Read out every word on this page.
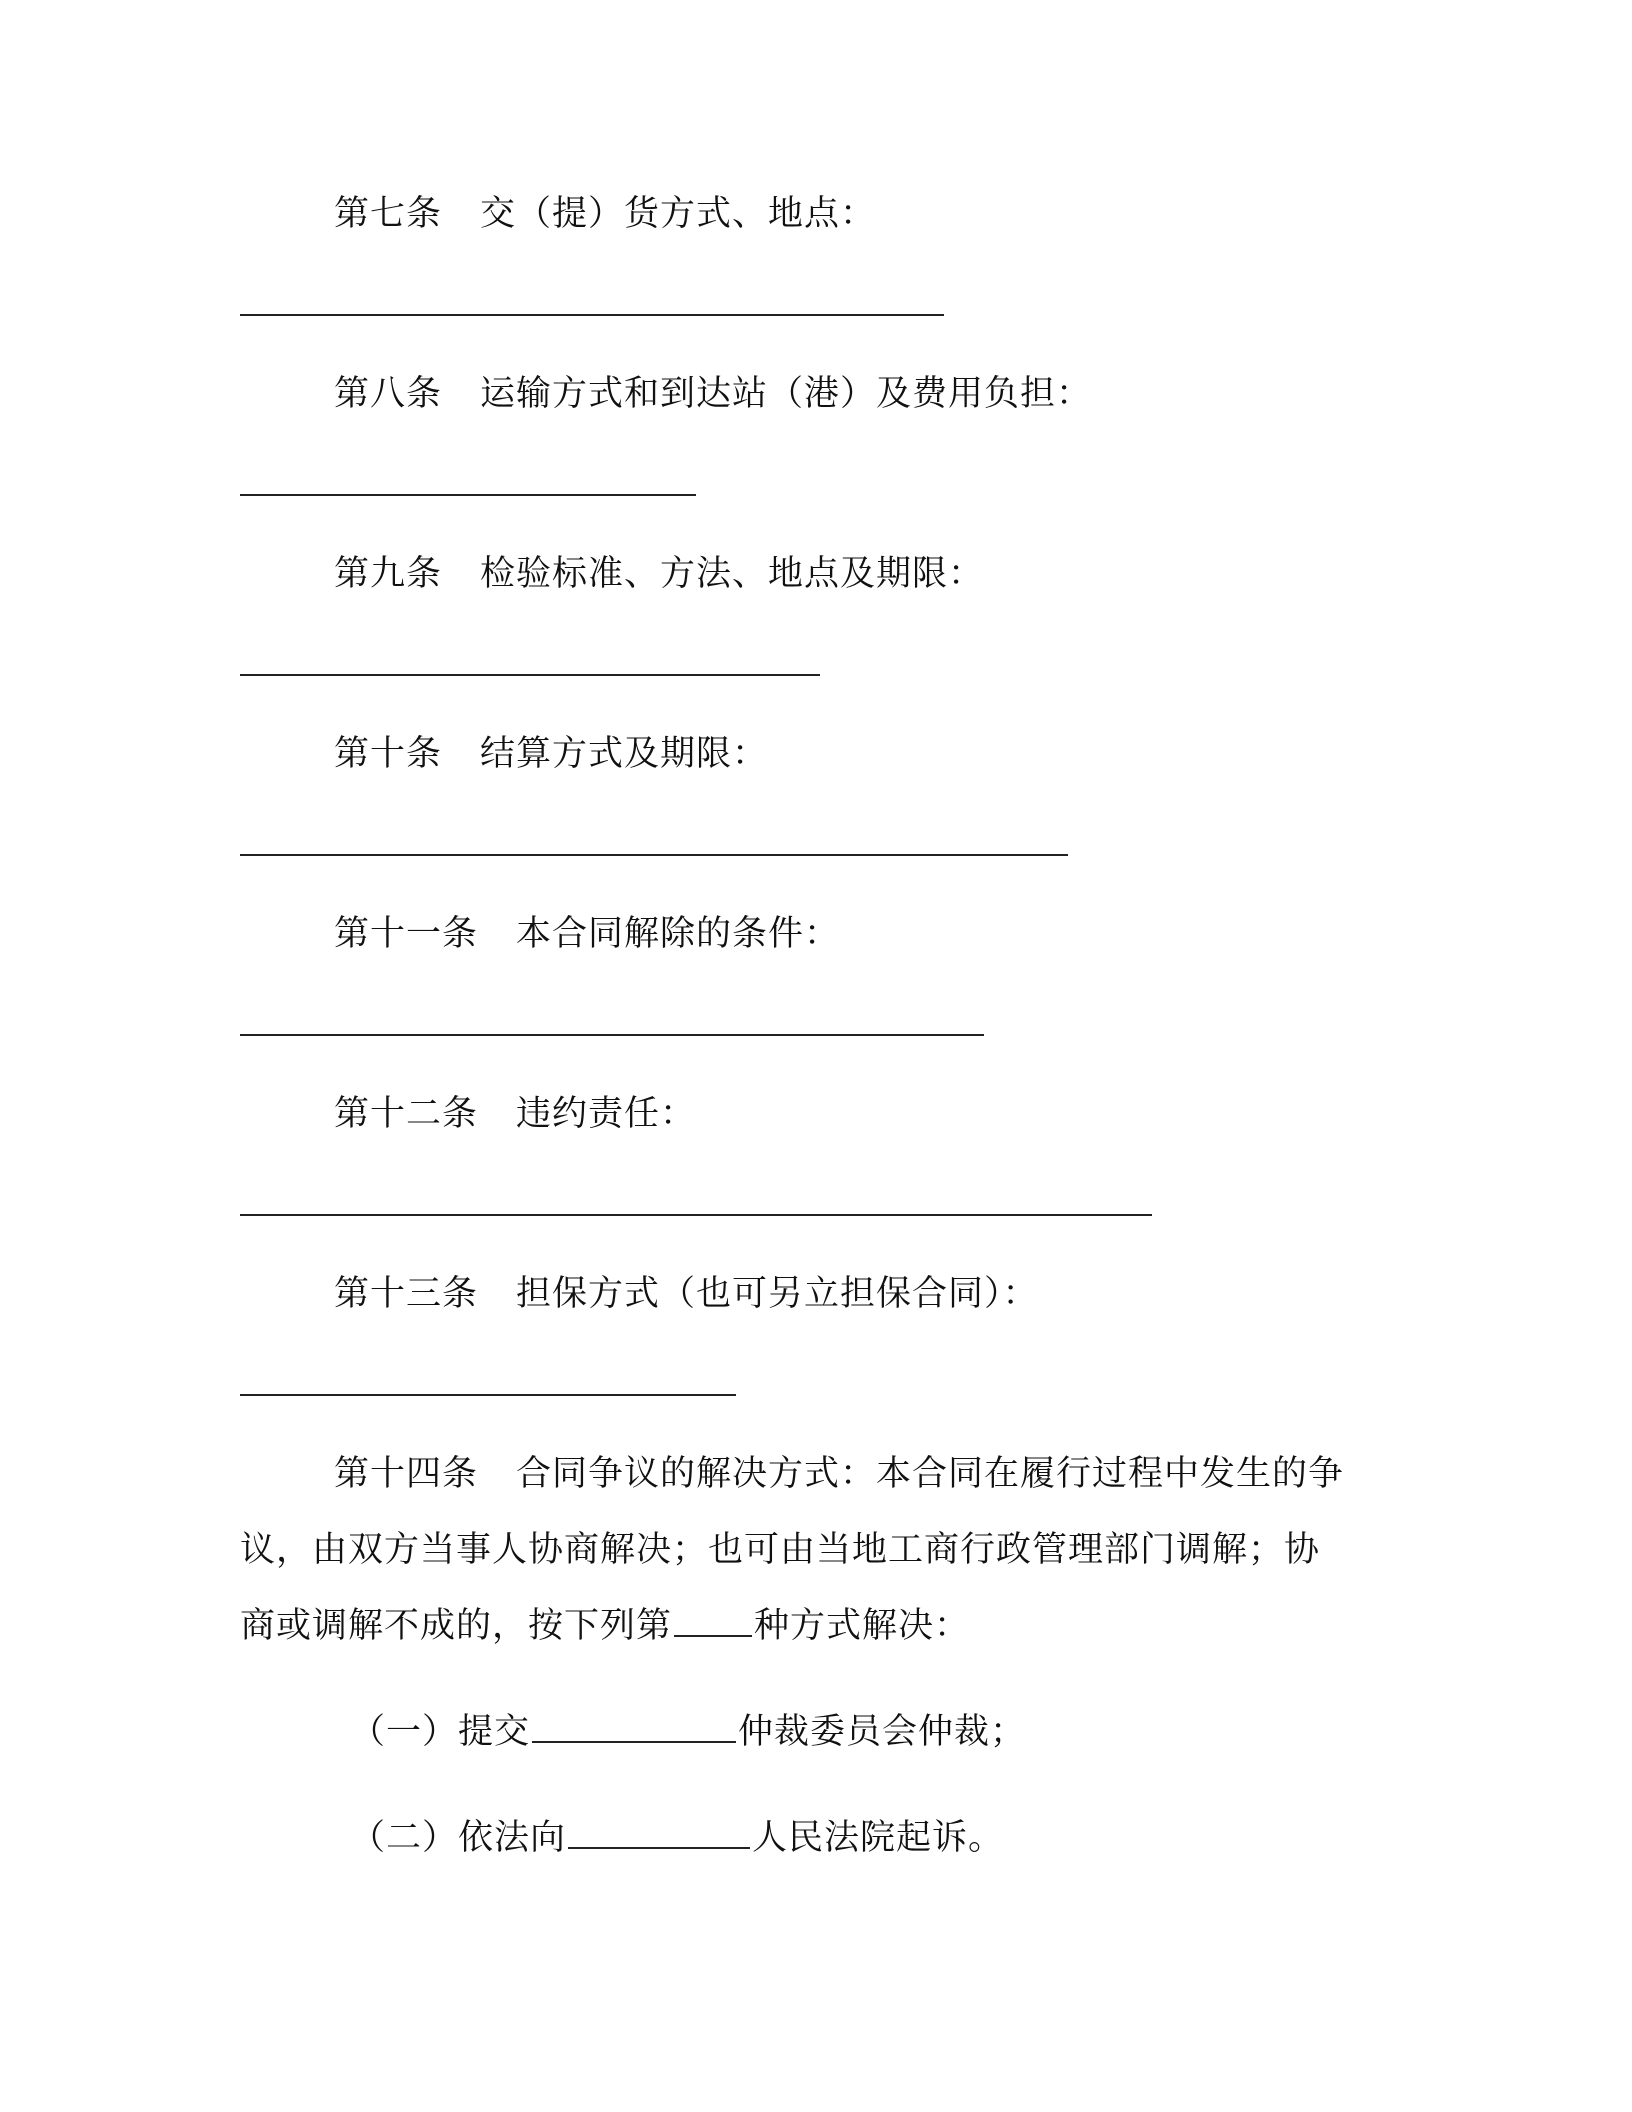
第七条 交（提）货方式、地点：
第八条 运输方式和到达站（港）及费用负担：
第九条 检验标准、方法、地点及期限：
第十条 结算方式及期限：
第十一条 本合同解除的条件：
第十二条 违约责任：
第十三条 担保方式（也可另立担保合同）：
第十四条 合同争议的解决方式：本合同在履行过程中发生的争
议，由双方当事人协商解决；也可由当地工商行政管理部门调解；协
商或调解不成的，按下列第 种方式解决：
（一）提交	仲裁委员会仲裁；
（二）依法向	人民法院起诉。
